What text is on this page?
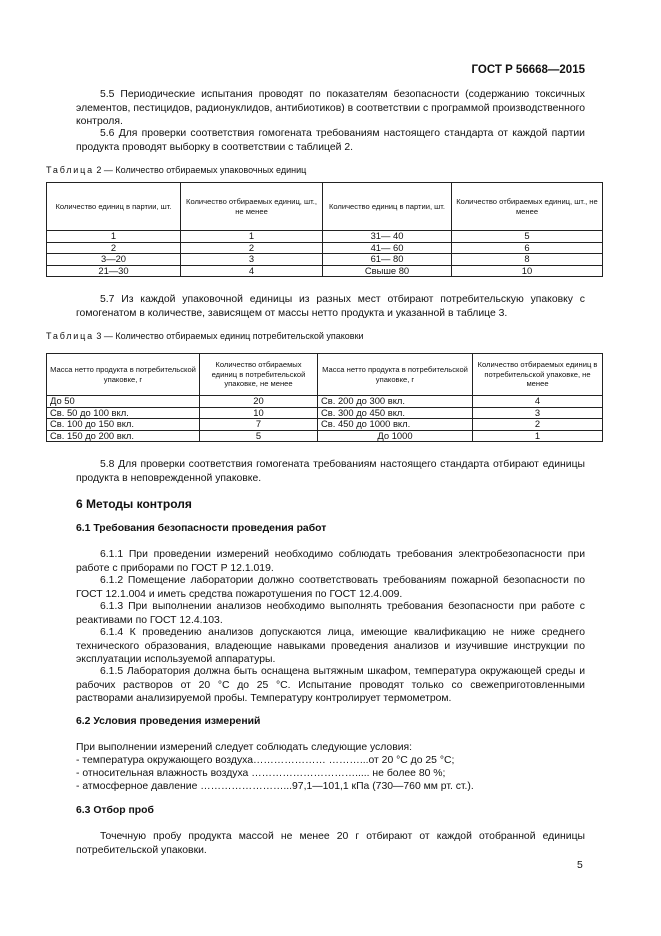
ГОСТ Р 56668—2015

5.5 Периодические испытания проводят по показателям безопасности (содержанию токсичных элементов, пестицидов, радионуклидов, антибиотиков) в соответствии с программой производственного контроля.

5.6 Для проверки соответствия гомогената требованиям настоящего стандарта от каждой партии продукта проводят выборку в соответствии с таблицей 2.

Таблица 2 — Количество отбираемых упаковочных единиц

Количество единиц в партии, шт.	Количество отбираемых единиц, шт., не менее	Количество единиц в партии, шт.	Количество отбираемых единиц, шт., не менее
1	1	31— 40	5
2	2	41— 60	6
3—20	3	61— 80	8
21—30	4	Свыше 80	10

5.7 Из каждой упаковочной единицы из разных мест отбирают потребительскую упаковку с гомогенатом в количестве, зависящем от массы нетто продукта и указанной в таблице 3.

Таблица 3 — Количество отбираемых единиц потребительской упаковки

Масса нетто продукта в потребительской упаковке, г	Количество отбираемых единиц в потребительской упаковке, не менее	Масса нетто продукта в потребительской упаковке, г	Количество отбираемых единиц в потребительской упаковке, не менее
До 50	20	Св. 200 до 300 вкл.	4
Св. 50 до 100 вкл.	10	Св. 300 до 450 вкл.	3
Св. 100 до 150 вкл.	7	Св. 450 до 1000 вкл.	2
Св. 150 до 200 вкл.	5	До 1000	1

5.8 Для проверки соответствия гомогената требованиям настоящего стандарта отбирают единицы продукта в неповрежденной упаковке.

6 Методы контроля
6.1 Требования безопасности проведения работ

6.1.1 При проведении измерений необходимо соблюдать требования электробезопасности при работе с приборами по ГОСТ Р 12.1.019.

6.1.2 Помещение лаборатории должно соответствовать требованиям пожарной безопасности по ГОСТ 12.1.004 и иметь средства пожаротушения по ГОСТ 12.4.009.

6.1.3 При выполнении анализов необходимо выполнять требования безопасности при работе с реактивами по ГОСТ 12.4.103.

6.1.4 К проведению анализов допускаются лица, имеющие квалификацию не ниже среднего технического образования, владеющие навыками проведения анализов и изучившие инструкции по эксплуатации используемой аппаратуры.

6.1.5 Лаборатория должна быть оснащена вытяжным шкафом, температура окружающей среды и рабочих растворов от 20 °С до 25 °С. Испытание проводят только со свежеприготовленными растворами анализируемой пробы. Температуру контролирует термометром.

6.2 Условия проведения измерений

При выполнении измерений следует соблюдать следующие условия:

- температура окружающего воздуха………………… ………...от 20 °С до 25 °С;

- относительная влажность воздуха …………………………..... не более 80 %;

- атмосферное давление ……………………...97,1—101,1 кПа (730—760 мм рт. ст.).

6.3 Отбор проб

Точечную пробу продукта массой не менее 20 г отбирают от каждой отобранной единицы потребительской упаковки.

5
